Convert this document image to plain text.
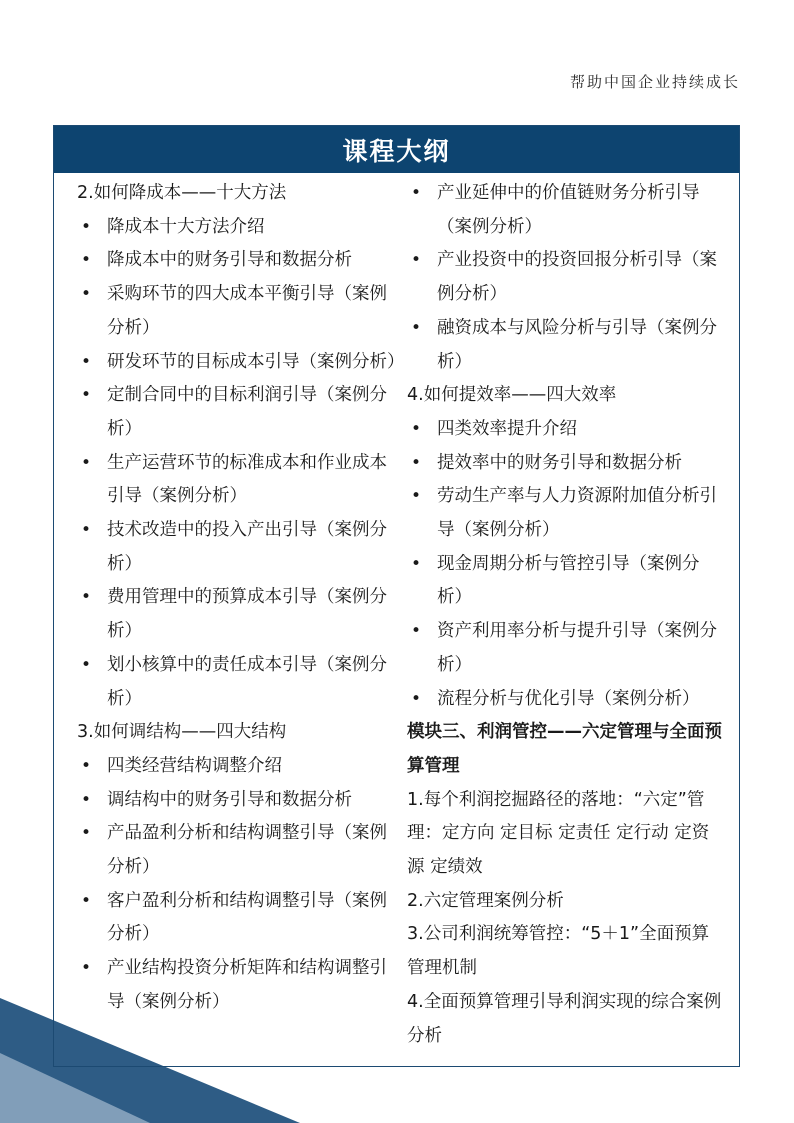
帮助中国企业持续成长
课程大纲
2.如何降成本——十大方法
• 降成本十大方法介绍
• 降成本中的财务引导和数据分析
• 采购环节的四大成本平衡引导（案例分析）
• 研发环节的目标成本引导（案例分析）
• 定制合同中的目标利润引导（案例分析）
• 生产运营环节的标准成本和作业成本引导（案例分析）
• 技术改造中的投入产出引导（案例分析）
• 费用管理中的预算成本引导（案例分析）
• 划小核算中的责任成本引导（案例分析）
3.如何调结构——四大结构
• 四类经营结构调整介绍
• 调结构中的财务引导和数据分析
• 产品盈利分析和结构调整引导（案例分析）
• 客户盈利分析和结构调整引导（案例分析）
• 产业结构投资分析矩阵和结构调整引导（案例分析）
• 产业延伸中的价值链财务分析引导（案例分析）
• 产业投资中的投资回报分析引导（案例分析）
• 融资成本与风险分析与引导（案例分析）
4.如何提效率——四大效率
• 四类效率提升介绍
• 提效率中的财务引导和数据分析
• 劳动生产率与人力资源附加值分析引导（案例分析）
• 现金周期分析与管控引导（案例分析）
• 资产利用率分析与提升引导（案例分析）
• 流程分析与优化引导（案例分析）
模块三、利润管控——六定管理与全面预算管理
1.每个利润挖掘路径的落地：“六定”管理：定方向 定目标 定责任 定行动 定资源 定绩效
2.六定管理案例分析
3.公司利润统筹管控：“5＋1”全面预算管理机制
4.全面预算管理引导利润实现的综合案例分析
